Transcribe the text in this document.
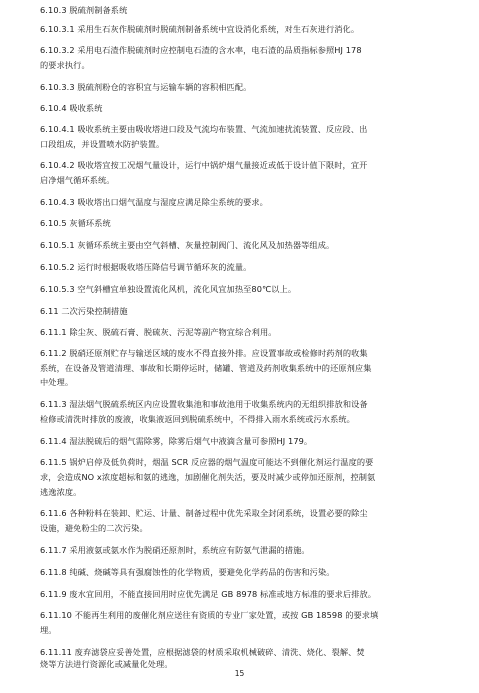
6.10.3 脱硫剂制备系统
6.10.3.1 采用生石灰作脱硫剂时脱硫剂制备系统中宜设消化系统，对生石灰进行消化。
6.10.3.2 采用电石渣作脱硫剂时应控制电石渣的含水率，电石渣的品质指标参照HJ 178
的要求执行。
6.10.3.3 脱硫剂粉仓的容积宜与运输车辆的容积相匹配。
6.10.4 吸收系统
6.10.4.1 吸收系统主要由吸收塔进口段及气流均布装置、气流加速扰流装置、反应段、出
口段组成，并设置喷水防护装置。
6.10.4.2 吸收塔宜按工况烟气量设计，运行中锅炉烟气量接近或低于设计值下限时，宜开
启净烟气循环系统。
6.10.4.3 吸收塔出口烟气温度与湿度应满足除尘系统的要求。
6.10.5 灰循环系统
6.10.5.1 灰循环系统主要由空气斜槽、灰量控制阀门、流化风及加热器等组成。
6.10.5.2 运行时根据吸收塔压降信号调节循环灰的流量。
6.10.5.3 空气斜槽宜单独设置流化风机，流化风宜加热至80℃以上。
6.11 二次污染控制措施
6.11.1 除尘灰、脱硫石膏、脱硫灰、污泥等副产物宜综合利用。
6.11.2 脱硝还原剂贮存与输送区域的废水不得直接外排。应设置事故或检修时药剂的收集
系统，在设备及管道清理、事故和长期停运时，储罐、管道及药剂收集系统中的还原剂应集
中处理。
6.11.3 湿法烟气脱硫系统区内应设置收集池和事故池用于收集系统内的无组织排放和设备
检修或清洗时排放的废液，收集液返回到脱硫系统中，不得排入雨水系统或污水系统。
6.11.4 湿法脱硫后的烟气需除雾，除雾后烟气中液滴含量可参照HJ 179。
6.11.5 锅炉启停及低负荷时，烟温 SCR 反应器的烟气温度可能达不到催化剂运行温度的要
求，会造成NO x浓度超标和氨的逃逸，加剧催化剂失活，要及时减少或停加还原剂，控制氨
逃逸浓度。
6.11.6 各种粉料在装卸、贮运、计量、制备过程中优先采取全封闭系统，设置必要的除尘
设施，避免粉尘的二次污染。
6.11.7 采用液氨或氨水作为脱硝还原剂时，系统应有防氨气泄漏的措施。
6.11.8 纯碱、烧碱等具有强腐蚀性的化学物质，要避免化学药品的伤害和污染。
6.11.9 废水宜回用，不能直接回用时应优先满足 GB 8978 标准或地方标准的要求后排放。
6.11.10 不能再生利用的废催化剂应送往有资质的专业厂家处置，或按 GB 18598 的要求填
埋。
6.11.11 废弃滤袋应妥善处置，应根据滤袋的材质采取机械破碎、清洗、烧化、裂解、焚
烧等方法进行资源化或减量化处理。
15
